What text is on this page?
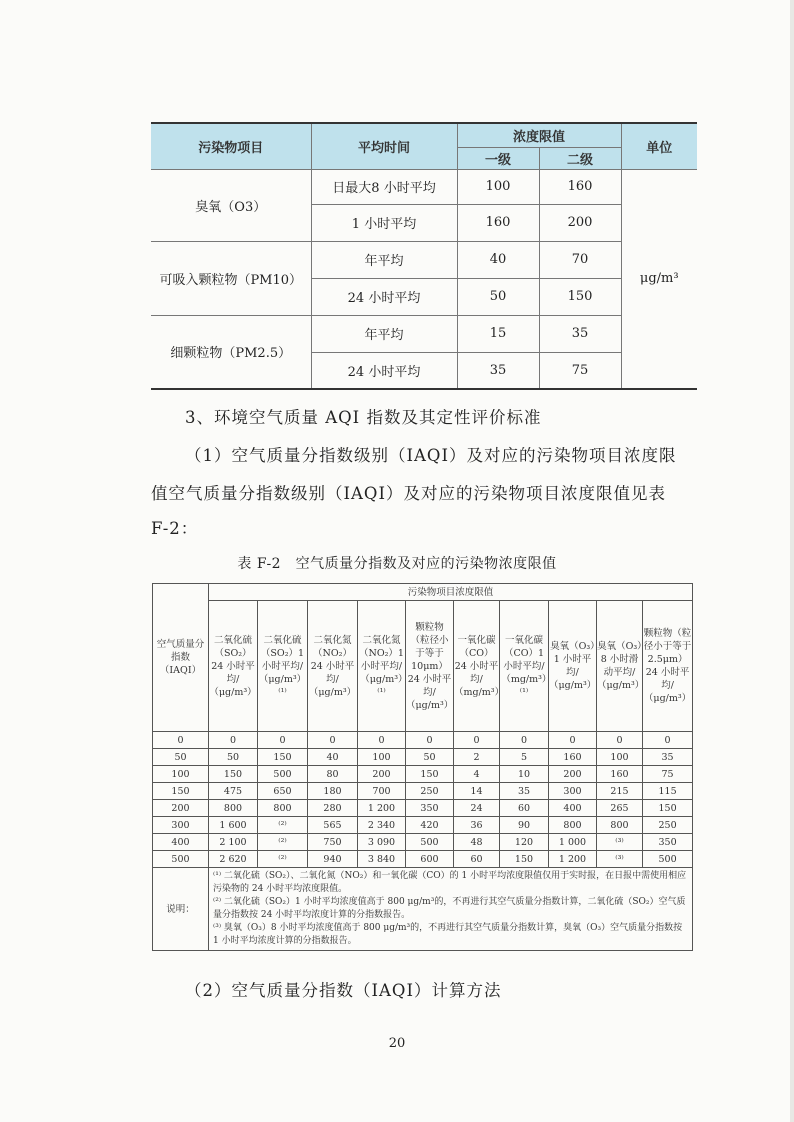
污染物项目	平均时间	浓度限值		单位
		一级	二级	
臭氧（O3）	日最大8 小时平均	100	160	μg/m³
	1 小时平均	160	200	
可吸入颗粒物（PM10）	年平均	40	70	
	24 小时平均	50	150	
细颗粒物（PM2.5）	年平均	15	35	
	24 小时平均	35	75	
3、环境空气质量 AQI 指数及其定性评价标准
（1）空气质量分指数级别（IAQI）及对应的污染物项目浓度限
值空气质量分指数级别（IAQI）及对应的污染物项目浓度限值见表
F-2：
表 F-2　空气质量分指数及对应的污染物浓度限值
空气质量分指数（IAQI）	污染物项目浓度限值									
	二氧化硫（SO₂）24 小时平均/（μg/m³）	二氧化硫（SO₂）1 小时平均/（μg/m³）⁽¹⁾	二氧化氮（NO₂）24 小时平均/（μg/m³）	二氧化氮（NO₂）1 小时平均/（μg/m³）⁽¹⁾	颗粒物（粒径小于等于 10μm）24 小时平均/（μg/m³）	一氧化碳（CO）24 小时平均/（mg/m³）	一氧化碳（CO）1 小时平均/（mg/m³）⁽¹⁾	臭氧（O₃）1 小时平均/（μg/m³）	臭氧（O₃）8 小时滑动平均/（μg/m³）	颗粒物（粒径小于等于 2.5μm）24 小时平均/（μg/m³）
0	0	0	0	0	0	0	0	0	0	0
50	50	150	40	100	50	2	5	160	100	35
100	150	500	80	200	150	4	10	200	160	75
150	475	650	180	700	250	14	35	300	215	115
200	800	800	280	1 200	350	24	60	400	265	150
300	1 600	⁽²⁾	565	2 340	420	36	90	800	800	250
400	2 100	⁽²⁾	750	3 090	500	48	120	1 000	⁽³⁾	350
500	2 620	⁽²⁾	940	3 840	600	60	150	1 200	⁽³⁾	500
说明：	⁽¹⁾ 二氧化硫（SO₂）、二氧化氮（NO₂）和一氧化碳（CO）的 1 小时平均浓度限值仅用于实时报，在日报中需使用相应污染物的 24 小时平均浓度限值。
⁽²⁾ 二氧化硫（SO₂）1 小时平均浓度值高于 800 μg/m³的，不再进行其空气质量分指数计算，二氧化硫（SO₂）空气质量分指数按 24 小时平均浓度计算的分指数报告。
⁽³⁾ 臭氧（O₃）8 小时平均浓度值高于 800 μg/m³的，不再进行其空气质量分指数计算，臭氧（O₃）空气质量分指数按 1 小时平均浓度计算的分指数报告。									
（2）空气质量分指数（IAQI）计算方法
20
